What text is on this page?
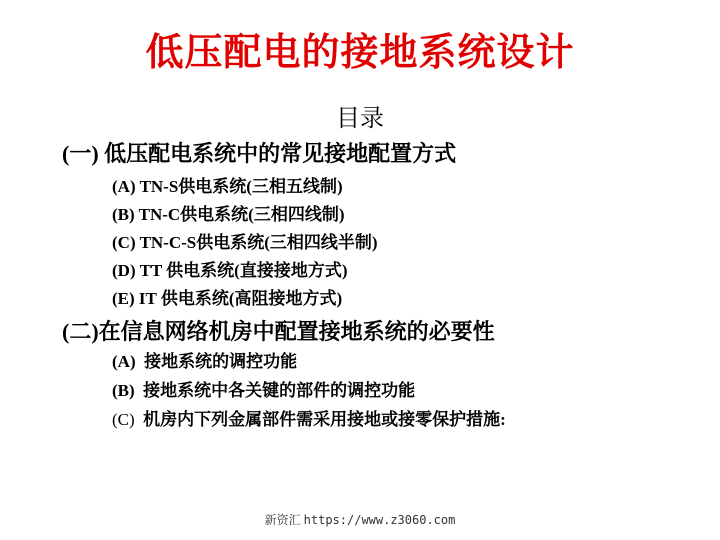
低压配电的接地系统设计
目录
(一) 低压配电系统中的常见接地配置方式
(A) TN-S供电系统(三相五线制)
(B) TN-C供电系统(三相四线制)
(C) TN-C-S供电系统(三相四线半制)
(D) TT 供电系统(直接接地方式)
(E) IT 供电系统(高阻接地方式)
(二)在信息网络机房中配置接地系统的必要性
(A) 接地系统的调控功能
(B) 接地系统中各关键的部件的调控功能
(C) 机房内下列金属部件需采用接地或接零保护措施:
新资汇 https://www.z3060.com
